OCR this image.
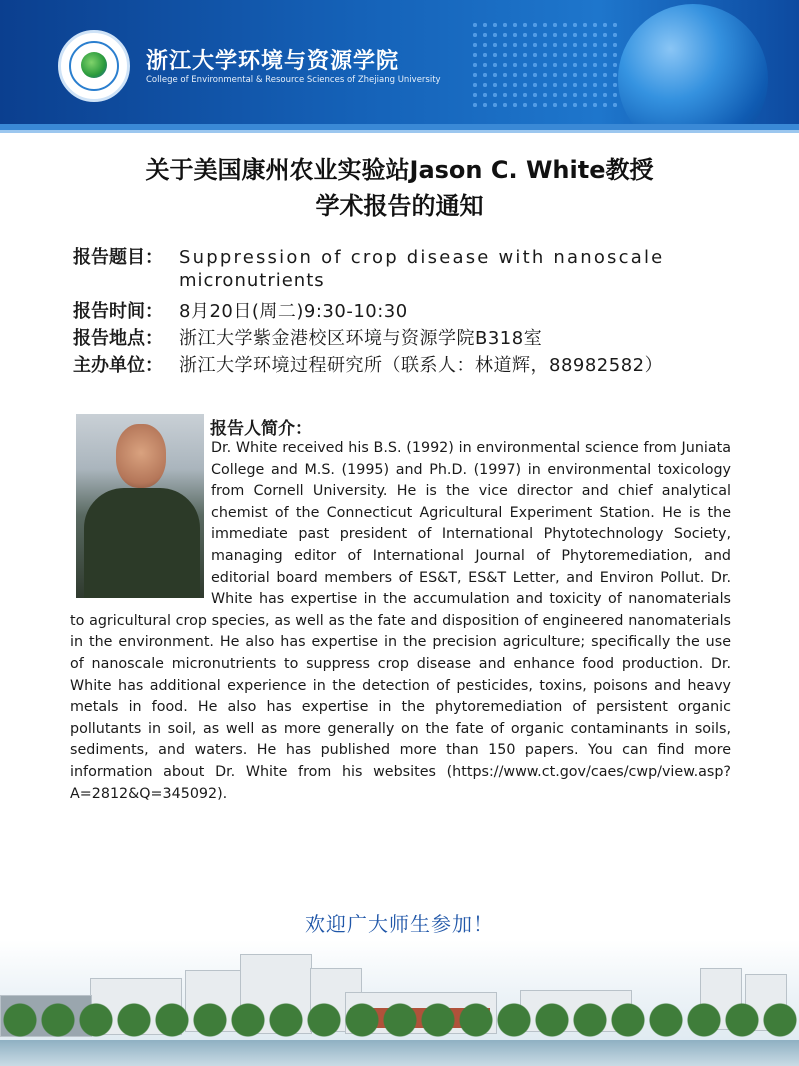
浙江大学环境与资源学院
College of Environmental & Resource Sciences of Zhejiang University
关于美国康州农业实验站Jason C. White教授
学术报告的通知
报告题目： Suppression of crop disease with nanoscale
micronutrients
报告时间： 8月20日(周二)9:30-10:30
报告地点： 浙江大学紫金港校区环境与资源学院B318室
主办单位： 浙江大学环境过程研究所（联系人：林道辉，88982582）
报告人简介：

Dr. White received his B.S. (1992) in environmental science from Juniata College and M.S. (1995) and Ph.D. (1997) in environmental toxicology from Cornell University. He is the vice director and chief analytical chemist of the Connecticut Agricultural Experiment Station. He is the immediate past president of International Phytotechnology Society, managing editor of International Journal of Phytoremediation, and editorial board members of ES&T, ES&T Letter, and Environ Pollut. Dr. White has expertise in the accumulation and toxicity of nanomaterials to agricultural crop species, as well as the fate and disposition of engineered nanomaterials in the environment. He also has expertise in the precision agriculture; specifically the use of nanoscale micronutrients to suppress crop disease and enhance food production. Dr. White has additional experience in the detection of pesticides, toxins, poisons and heavy metals in food. He also has expertise in the phytoremediation of persistent organic pollutants in soil, as well as more generally on the fate of organic contaminants in soils, sediments, and waters. He has published more than 150 papers. You can find more information about Dr. White from his websites (https://www.ct.gov/caes/cwp/view.asp?A=2812&Q=345092).

欢迎广大师生参加！
